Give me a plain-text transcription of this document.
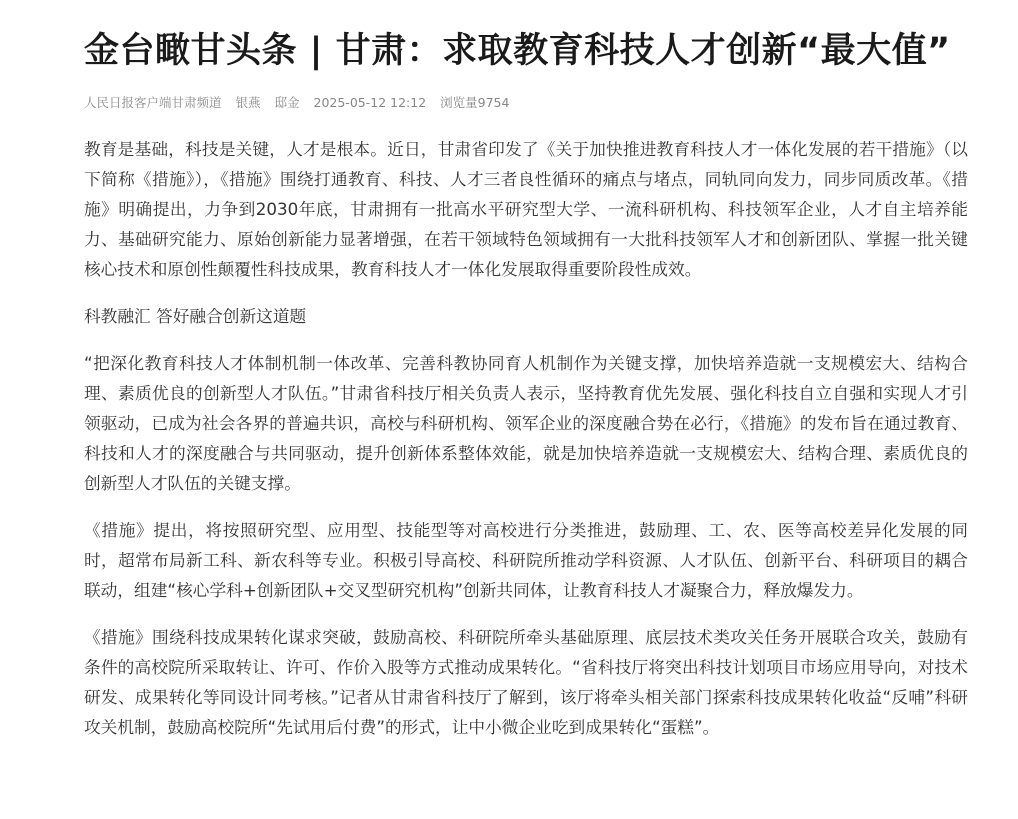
金台瞰甘头条 | 甘肃：求取教育科技人才创新“最大值”
人民日报客户端甘肃频道 银燕 邸金 2025-05-12 12:12 浏览量9754

教育是基础，科技是关键，人才是根本。近日，甘肃省印发了《关于加快推进教育科技人才一体化发展的若干措施》（以下简称《措施》），《措施》围绕打通教育、科技、人才三者良性循环的痛点与堵点，同轨同向发力，同步同质改革。《措施》明确提出，力争到2030年底，甘肃拥有一批高水平研究型大学、一流科研机构、科技领军企业，人才自主培养能力、基础研究能力、原始创新能力显著增强，在若干领域特色领域拥有一大批科技领军人才和创新团队、掌握一批关键核心技术和原创性颠覆性科技成果，教育科技人才一体化发展取得重要阶段性成效。

科教融汇 答好融合创新这道题

“把深化教育科技人才体制机制一体改革、完善科教协同育人机制作为关键支撑，加快培养造就一支规模宏大、结构合理、素质优良的创新型人才队伍。”甘肃省科技厅相关负责人表示，坚持教育优先发展、强化科技自立自强和实现人才引领驱动，已成为社会各界的普遍共识，高校与科研机构、领军企业的深度融合势在必行，《措施》的发布旨在通过教育、科技和人才的深度融合与共同驱动，提升创新体系整体效能，就是加快培养造就一支规模宏大、结构合理、素质优良的创新型人才队伍的关键支撑。

《措施》提出，将按照研究型、应用型、技能型等对高校进行分类推进，鼓励理、工、农、医等高校差异化发展的同时，超常布局新工科、新农科等专业。积极引导高校、科研院所推动学科资源、人才队伍、创新平台、科研项目的耦合联动，组建“核心学科+创新团队+交叉型研究机构”创新共同体，让教育科技人才凝聚合力，释放爆发力。

《措施》围绕科技成果转化谋求突破，鼓励高校、科研院所牵头基础原理、底层技术类攻关任务开展联合攻关，鼓励有条件的高校院所采取转让、许可、作价入股等方式推动成果转化。“省科技厅将突出科技计划项目市场应用导向，对技术研发、成果转化等同设计同考核。”记者从甘肃省科技厅了解到，该厅将牵头相关部门探索科技成果转化收益“反哺”科研攻关机制，鼓励高校院所“先试用后付费”的形式，让中小微企业吃到成果转化“蛋糕”。
